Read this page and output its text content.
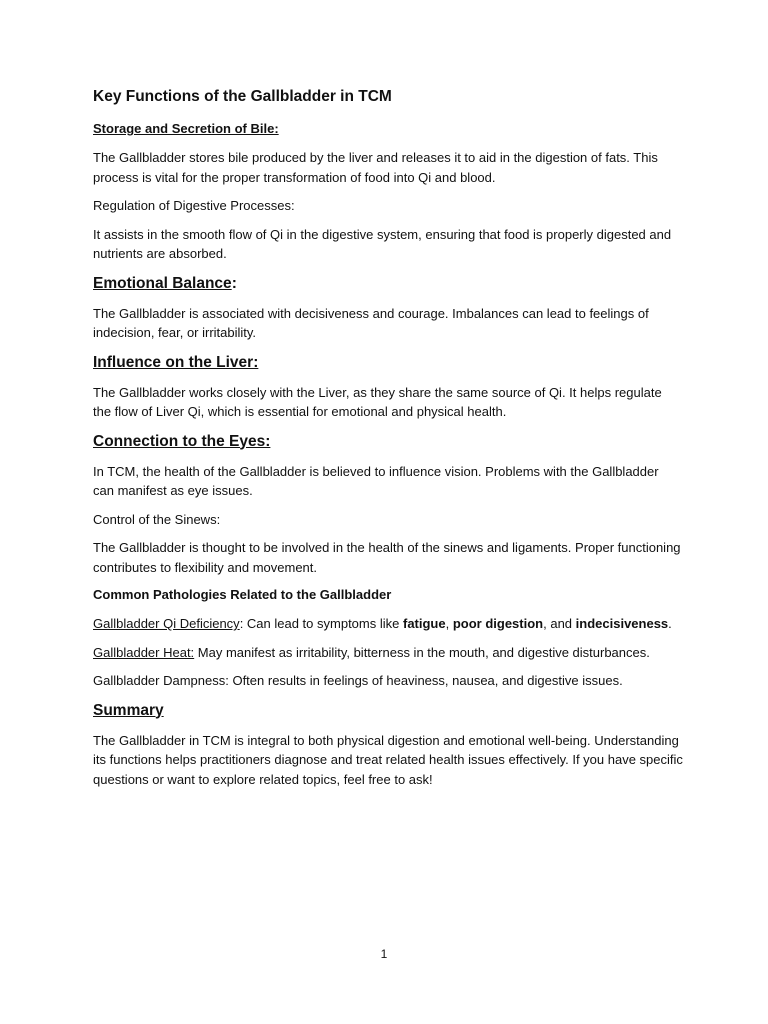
Key Functions of the Gallbladder in TCM
Storage and Secretion of Bile:

The Gallbladder stores bile produced by the liver and releases it to aid in the digestion of fats. This process is vital for the proper transformation of food into Qi and blood.

Regulation of Digestive Processes:

It assists in the smooth flow of Qi in the digestive system, ensuring that food is properly digested and nutrients are absorbed.

Emotional Balance:

The Gallbladder is associated with decisiveness and courage. Imbalances can lead to feelings of indecision, fear, or irritability.

Influence on the Liver:

The Gallbladder works closely with the Liver, as they share the same source of Qi. It helps regulate the flow of Liver Qi, which is essential for emotional and physical health.

Connection to the Eyes:

In TCM, the health of the Gallbladder is believed to influence vision. Problems with the Gallbladder can manifest as eye issues.

Control of the Sinews:

The Gallbladder is thought to be involved in the health of the sinews and ligaments. Proper functioning contributes to flexibility and movement.

Common Pathologies Related to the Gallbladder

Gallbladder Qi Deficiency: Can lead to symptoms like fatigue, poor digestion, and indecisiveness.

Gallbladder Heat: May manifest as irritability, bitterness in the mouth, and digestive disturbances.

Gallbladder Dampness: Often results in feelings of heaviness, nausea, and digestive issues.

Summary

The Gallbladder in TCM is integral to both physical digestion and emotional well-being. Understanding its functions helps practitioners diagnose and treat related health issues effectively. If you have specific questions or want to explore related topics, feel free to ask!

1
